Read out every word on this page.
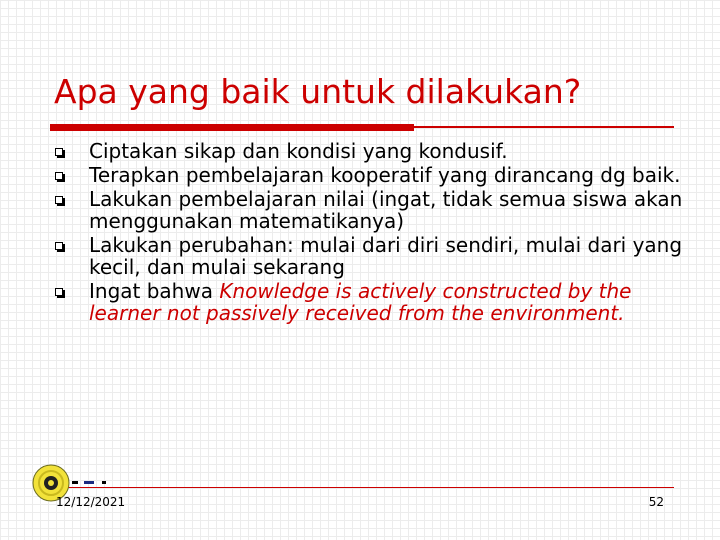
Apa yang baik untuk dilakukan?
Ciptakan sikap dan kondisi yang kondusif.
Terapkan pembelajaran kooperatif yang dirancang dg baik.
Lakukan pembelajaran nilai (ingat, tidak semua siswa akan menggunakan matematikanya)
Lakukan perubahan: mulai dari diri sendiri, mulai dari yang kecil, dan mulai sekarang
Ingat bahwa Knowledge is actively constructed by the learner not passively received from the environment.
12/12/2021	52
